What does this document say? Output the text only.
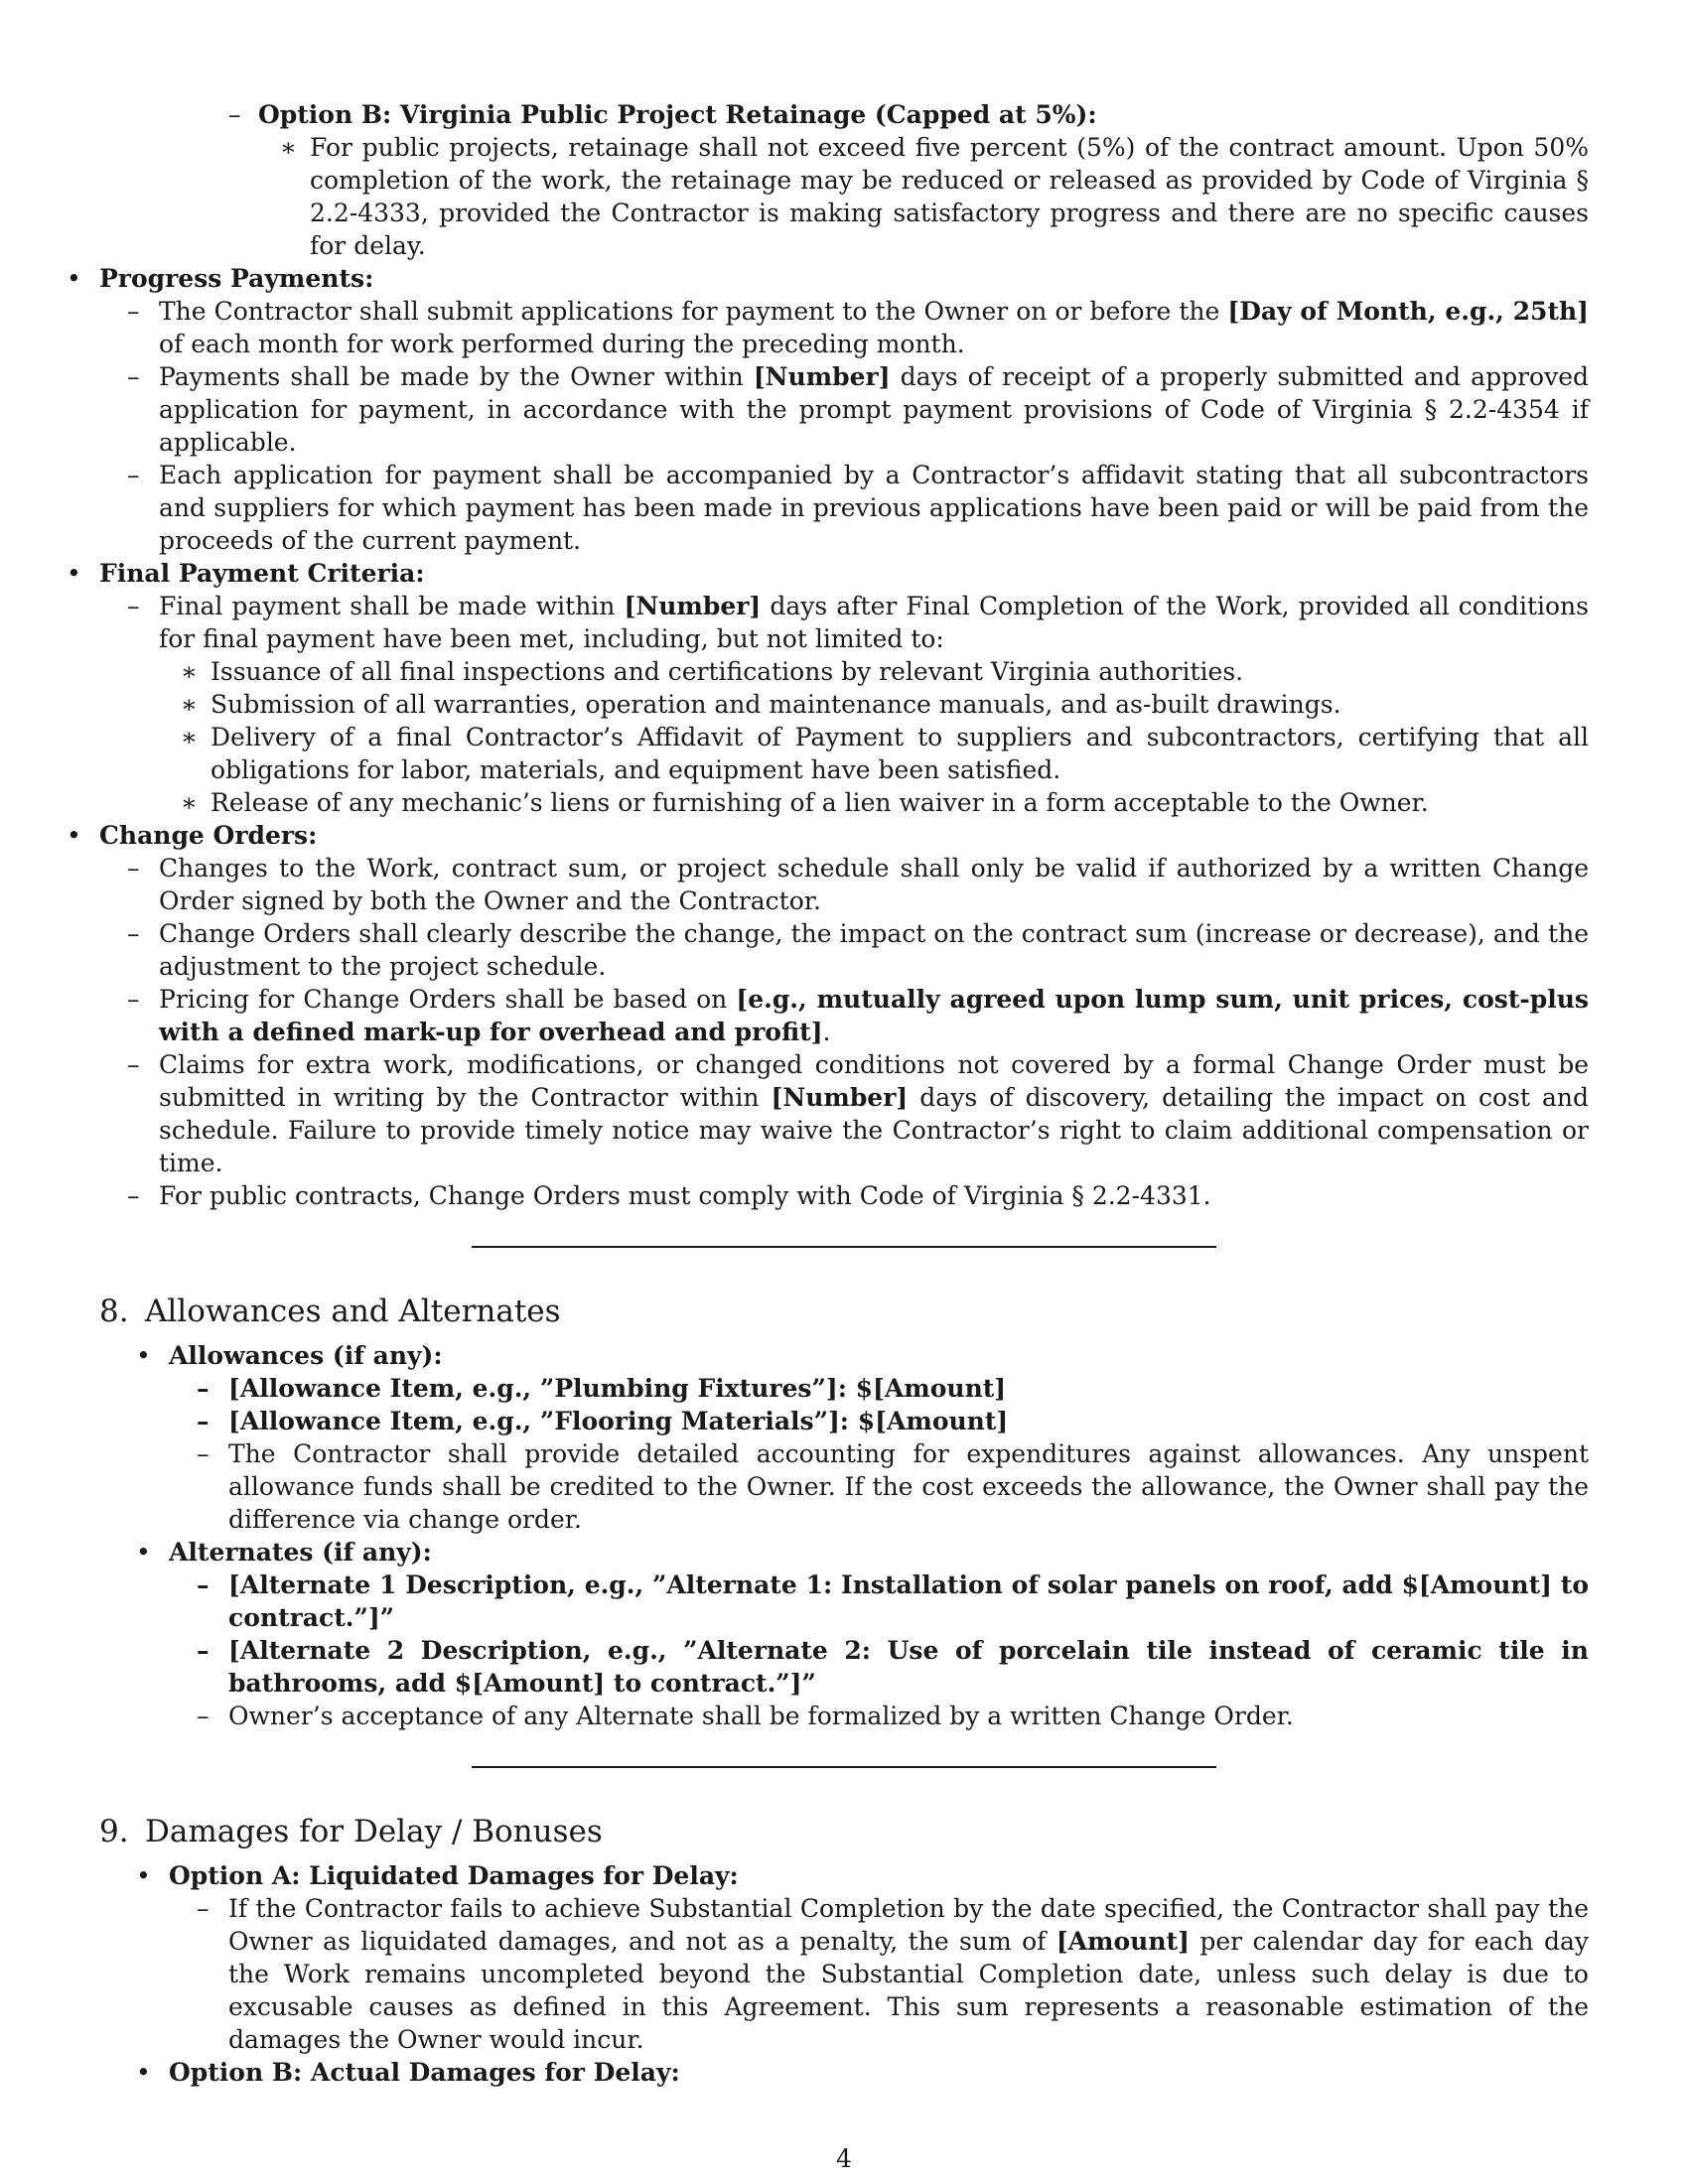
– Option B: Virginia Public Project Retainage (Capped at 5%):
∗ For public projects, retainage shall not exceed five percent (5%) of the contract amount. Upon 50% completion of the work, the retainage may be reduced or released as provided by Code of Virginia § 2.2-4333, provided the Contractor is making satisfactory progress and there are no specific causes for delay.
• Progress Payments:
– The Contractor shall submit applications for payment to the Owner on or before the [Day of Month, e.g., 25th] of each month for work performed during the preceding month.
– Payments shall be made by the Owner within [Number] days of receipt of a properly submitted and approved application for payment, in accordance with the prompt payment provisions of Code of Virginia § 2.2-4354 if applicable.
– Each application for payment shall be accompanied by a Contractor’s affidavit stating that all subcontractors and suppliers for which payment has been made in previous applications have been paid or will be paid from the proceeds of the current payment.
• Final Payment Criteria:
– Final payment shall be made within [Number] days after Final Completion of the Work, provided all conditions for final payment have been met, including, but not limited to:
∗ Issuance of all final inspections and certifications by relevant Virginia authorities.
∗ Submission of all warranties, operation and maintenance manuals, and as-built drawings.
∗ Delivery of a final Contractor’s Affidavit of Payment to suppliers and subcontractors, certifying that all obligations for labor, materials, and equipment have been satisfied.
∗ Release of any mechanic’s liens or furnishing of a lien waiver in a form acceptable to the Owner.
• Change Orders:
– Changes to the Work, contract sum, or project schedule shall only be valid if authorized by a written Change Order signed by both the Owner and the Contractor.
– Change Orders shall clearly describe the change, the impact on the contract sum (increase or decrease), and the adjustment to the project schedule.
– Pricing for Change Orders shall be based on [e.g., mutually agreed upon lump sum, unit prices, cost-plus with a defined mark-up for overhead and profit].
– Claims for extra work, modifications, or changed conditions not covered by a formal Change Order must be submitted in writing by the Contractor within [Number] days of discovery, detailing the impact on cost and schedule. Failure to provide timely notice may waive the Contractor’s right to claim additional compensation or time.
– For public contracts, Change Orders must comply with Code of Virginia § 2.2-4331.
8. Allowances and Alternates
• Allowances (if any):
– [Allowance Item, e.g., ”Plumbing Fixtures”]: $[Amount]
– [Allowance Item, e.g., ”Flooring Materials”]: $[Amount]
– The Contractor shall provide detailed accounting for expenditures against allowances. Any unspent allowance funds shall be credited to the Owner. If the cost exceeds the allowance, the Owner shall pay the difference via change order.
• Alternates (if any):
– [Alternate 1 Description, e.g., ”Alternate 1: Installation of solar panels on roof, add $[Amount] to contract.”]”
– [Alternate 2 Description, e.g., ”Alternate 2: Use of porcelain tile instead of ceramic tile in bathrooms, add $[Amount] to contract.”]”
– Owner’s acceptance of any Alternate shall be formalized by a written Change Order.
9. Damages for Delay / Bonuses
• Option A: Liquidated Damages for Delay:
– If the Contractor fails to achieve Substantial Completion by the date specified, the Contractor shall pay the Owner as liquidated damages, and not as a penalty, the sum of [Amount] per calendar day for each day the Work remains uncompleted beyond the Substantial Completion date, unless such delay is due to excusable causes as defined in this Agreement. This sum represents a reasonable estimation of the damages the Owner would incur.
• Option B: Actual Damages for Delay:
4
